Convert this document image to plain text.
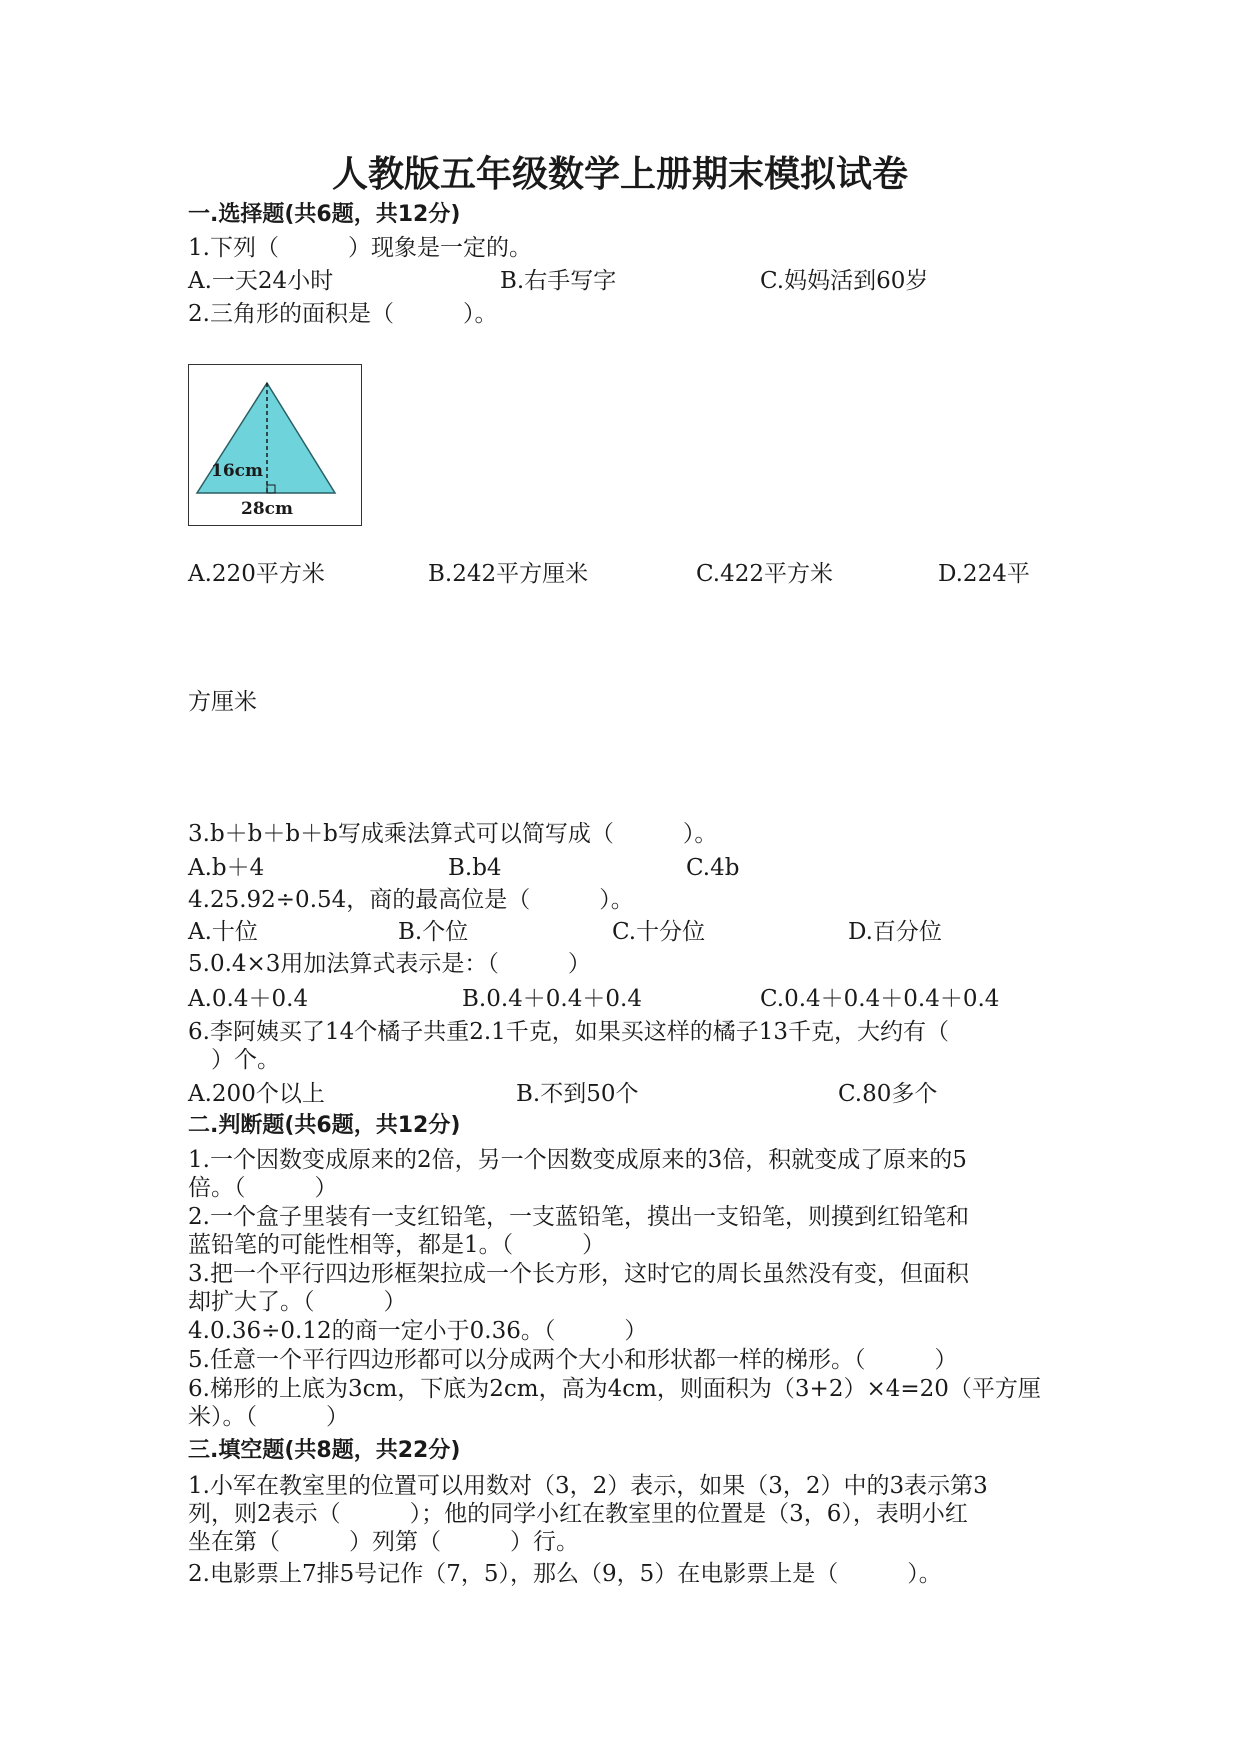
人教版五年级数学上册期末模拟试卷
一.选择题(共6题，共12分)
1.下列（　　　）现象是一定的。
A.一天24小时	B.右手写字	C.妈妈活到60岁
2.三角形的面积是（　　　）。
16cm
28cm
A.220平方米	B.242平方厘米	C.422平方米	D.224平
方厘米
3.b＋b＋b＋b写成乘法算式可以简写成（　　　）。
A.b＋4	B.b4	C.4b
4.25.92÷0.54，商的最高位是（　　　）。
A.十位	B.个位	C.十分位	D.百分位
5.0.4×3用加法算式表示是：（　　　）
A.0.4＋0.4	B.0.4＋0.4＋0.4	C.0.4＋0.4＋0.4＋0.4
6.李阿姨买了14个橘子共重2.1千克，如果买这样的橘子13千克，大约有（
　）个。
A.200个以上	B.不到50个	C.80多个
二.判断题(共6题，共12分)
1.一个因数变成原来的2倍，另一个因数变成原来的3倍，积就变成了原来的5
倍。（　　　）
2.一个盒子里装有一支红铅笔，一支蓝铅笔，摸出一支铅笔，则摸到红铅笔和
蓝铅笔的可能性相等，都是1。（　　　）
3.把一个平行四边形框架拉成一个长方形，这时它的周长虽然没有变，但面积
却扩大了。（　　　）
4.0.36÷0.12的商一定小于0.36。（　　　）
5.任意一个平行四边形都可以分成两个大小和形状都一样的梯形。（　　　）
6.梯形的上底为3cm，下底为2cm，高为4cm，则面积为（3+2）×4=20（平方厘
米）。（　　　）
三.填空题(共8题，共22分)
1.小军在教室里的位置可以用数对（3，2）表示，如果（3，2）中的3表示第3
列，则2表示（　　　）；他的同学小红在教室里的位置是（3，6），表明小红
坐在第（　　　）列第（　　　）行。
2.电影票上7排5号记作（7，5），那么（9，5）在电影票上是（　　　）。
